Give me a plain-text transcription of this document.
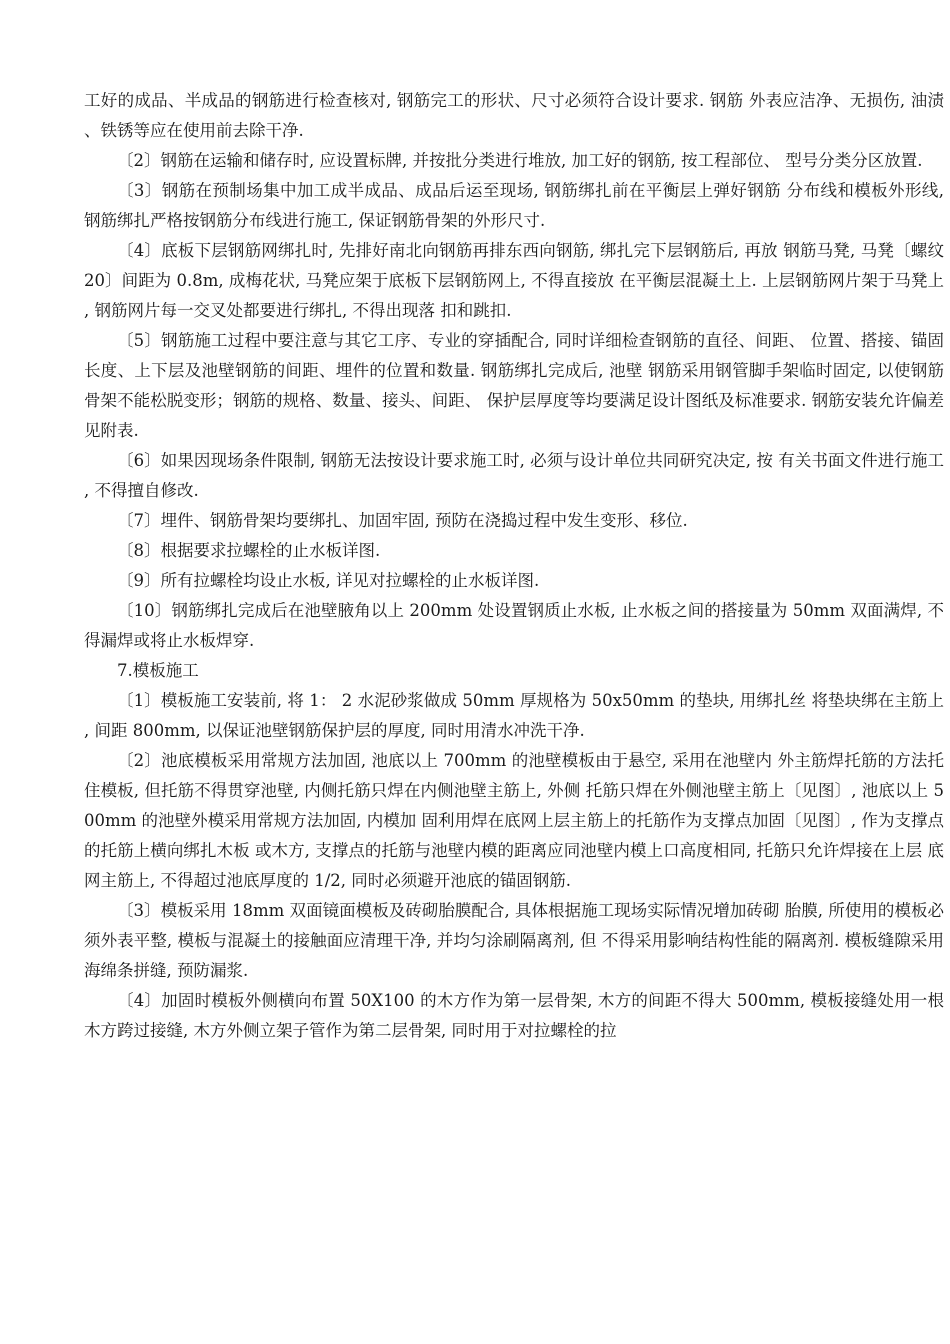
工好的成品、半成品的钢筋进行检查核对, 钢筋完工的形状、尺寸必须符合设计要求. 钢筋 外表应洁净、无损伤, 油渍、铁锈等应在使用前去除干净.

〔2〕钢筋在运输和储存时, 应设置标牌, 并按批分类进行堆放, 加工好的钢筋, 按工程部位、 型号分类分区放置.

〔3〕钢筋在预制场集中加工成半成品、成品后运至现场, 钢筋绑扎前在平衡层上弹好钢筋 分布线和模板外形线, 钢筋绑扎严格按钢筋分布线进行施工, 保证钢筋骨架的外形尺寸.

〔4〕底板下层钢筋网绑扎时, 先排好南北向钢筋再排东西向钢筋, 绑扎完下层钢筋后, 再放 钢筋马凳, 马凳〔螺纹 20〕间距为 0.8m, 成梅花状, 马凳应架于底板下层钢筋网上, 不得直接放 在平衡层混凝土上. 上层钢筋网片架于马凳上, 钢筋网片每一交叉处都要进行绑扎, 不得出现落 扣和跳扣.

〔5〕钢筋施工过程中要注意与其它工序、专业的穿插配合, 同时详细检查钢筋的直径、间距、 位置、搭接、锚固长度、上下层及池壁钢筋的间距、埋件的位置和数量. 钢筋绑扎完成后, 池壁 钢筋采用钢管脚手架临时固定, 以使钢筋骨架不能松脱变形；钢筋的规格、数量、接头、间距、 保护层厚度等均要满足设计图纸及标准要求. 钢筋安装允许偏差见附表.

〔6〕如果因现场条件限制, 钢筋无法按设计要求施工时, 必须与设计单位共同研究决定, 按 有关书面文件进行施工, 不得擅自修改.

〔7〕埋件、钢筋骨架均要绑扎、加固牢固, 预防在浇捣过程中发生变形、移位.

〔8〕根据要求拉螺栓的止水板详图.

〔9〕所有拉螺栓均设止水板, 详见对拉螺栓的止水板详图.

〔10〕钢筋绑扎完成后在池壁腋角以上 200mm 处设置钢质止水板, 止水板之间的搭接量为 50mm 双面满焊, 不得漏焊或将止水板焊穿.

7.模板施工

〔1〕模板施工安装前, 将 1： 2 水泥砂浆做成 50mm 厚规格为 50x50mm 的垫块, 用绑扎丝 将垫块绑在主筋上, 间距 800mm, 以保证池壁钢筋保护层的厚度, 同时用清水冲洗干净.

〔2〕池底模板采用常规方法加固, 池底以上 700mm 的池壁模板由于悬空, 采用在池壁内 外主筋焊托筋的方法托住模板, 但托筋不得贯穿池壁, 内侧托筋只焊在内侧池壁主筋上, 外侧 托筋只焊在外侧池壁主筋上〔见图〕, 池底以上 500mm 的池壁外模采用常规方法加固, 内模加 固利用焊在底网上层主筋上的托筋作为支撑点加固〔见图〕, 作为支撑点的托筋上横向绑扎木板 或木方, 支撑点的托筋与池壁内模的距离应同池壁内模上口高度相同, 托筋只允许焊接在上层 底网主筋上, 不得超过池底厚度的 1/2, 同时必须避开池底的锚固钢筋.

〔3〕模板采用 18mm 双面镜面模板及砖砌胎膜配合, 具体根据施工现场实际情况增加砖砌 胎膜, 所使用的模板必须外表平整, 模板与混凝土的接触面应清理干净, 并均匀涂刷隔离剂, 但 不得采用影响结构性能的隔离剂. 模板缝隙采用海绵条拼缝, 预防漏浆.

〔4〕加固时模板外侧横向布置 50X100 的木方作为第一层骨架, 木方的间距不得大 500mm, 模板接缝处用一根木方跨过接缝, 木方外侧立架子管作为第二层骨架, 同时用于对拉螺栓的拉
